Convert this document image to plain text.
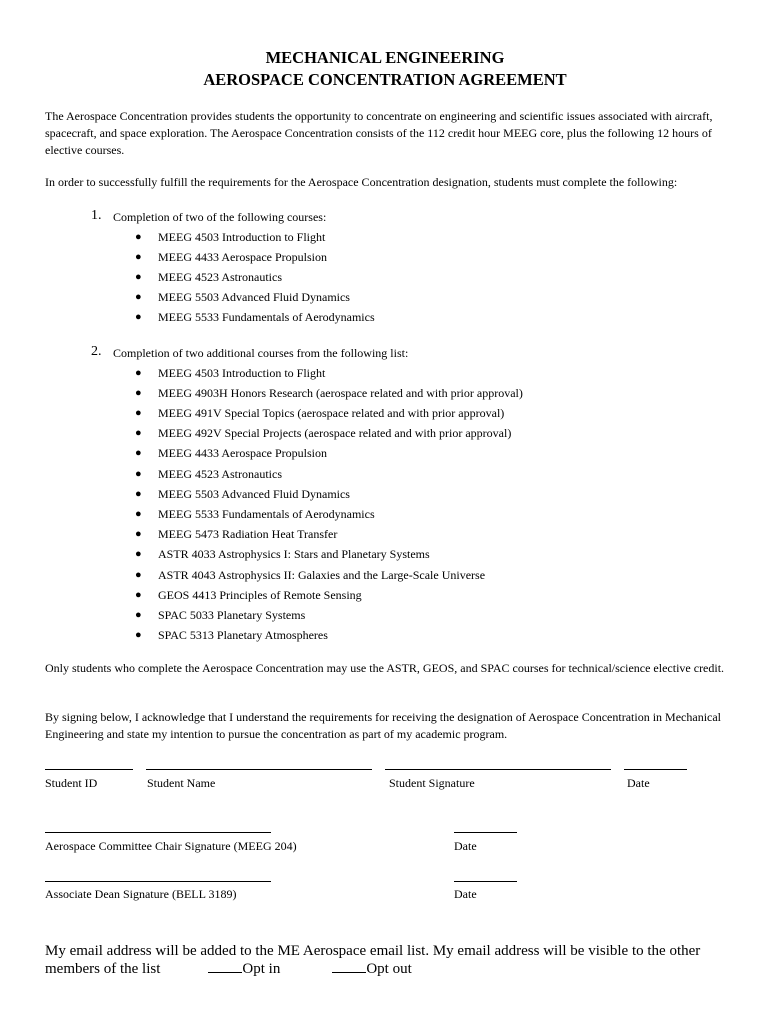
MECHANICAL ENGINEERING
AEROSPACE CONCENTRATION AGREEMENT

The Aerospace Concentration provides students the opportunity to concentrate on engineering and scientific issues associated with aircraft, spacecraft, and space exploration. The Aerospace Concentration consists of the 112 credit hour MEEG core, plus the following 12 hours of elective courses.

In order to successfully fulfill the requirements for the Aerospace Concentration designation, students must complete the following:

1. Completion of two of the following courses:
● MEEG 4503 Introduction to Flight
● MEEG 4433 Aerospace Propulsion
● MEEG 4523 Astronautics
● MEEG 5503 Advanced Fluid Dynamics
● MEEG 5533 Fundamentals of Aerodynamics
2. Completion of two additional courses from the following list:
● MEEG 4503 Introduction to Flight
● MEEG 4903H Honors Research (aerospace related and with prior approval)
● MEEG 491V Special Topics (aerospace related and with prior approval)
● MEEG 492V Special Projects (aerospace related and with prior approval)
● MEEG 4433 Aerospace Propulsion
● MEEG 4523 Astronautics
● MEEG 5503 Advanced Fluid Dynamics
● MEEG 5533 Fundamentals of Aerodynamics
● MEEG 5473 Radiation Heat Transfer
● ASTR 4033 Astrophysics I: Stars and Planetary Systems
● ASTR 4043 Astrophysics II: Galaxies and the Large-Scale Universe
● GEOS 4413 Principles of Remote Sensing
● SPAC 5033 Planetary Systems
● SPAC 5313 Planetary Atmospheres

Only students who complete the Aerospace Concentration may use the ASTR, GEOS, and SPAC courses for technical/science elective credit.

By signing below, I acknowledge that I understand the requirements for receiving the designation of Aerospace Concentration in Mechanical Engineering and state my intention to pursue the concentration as part of my academic program.

Student ID	Student Name	Student Signature	Date
Aerospace Committee Chair Signature (MEEG 204)	Date
Associate Dean Signature (BELL 3189)	Date
My email address will be added to the ME Aerospace email list. My email address will be visible to the other
members of the list	Opt in	Opt out
